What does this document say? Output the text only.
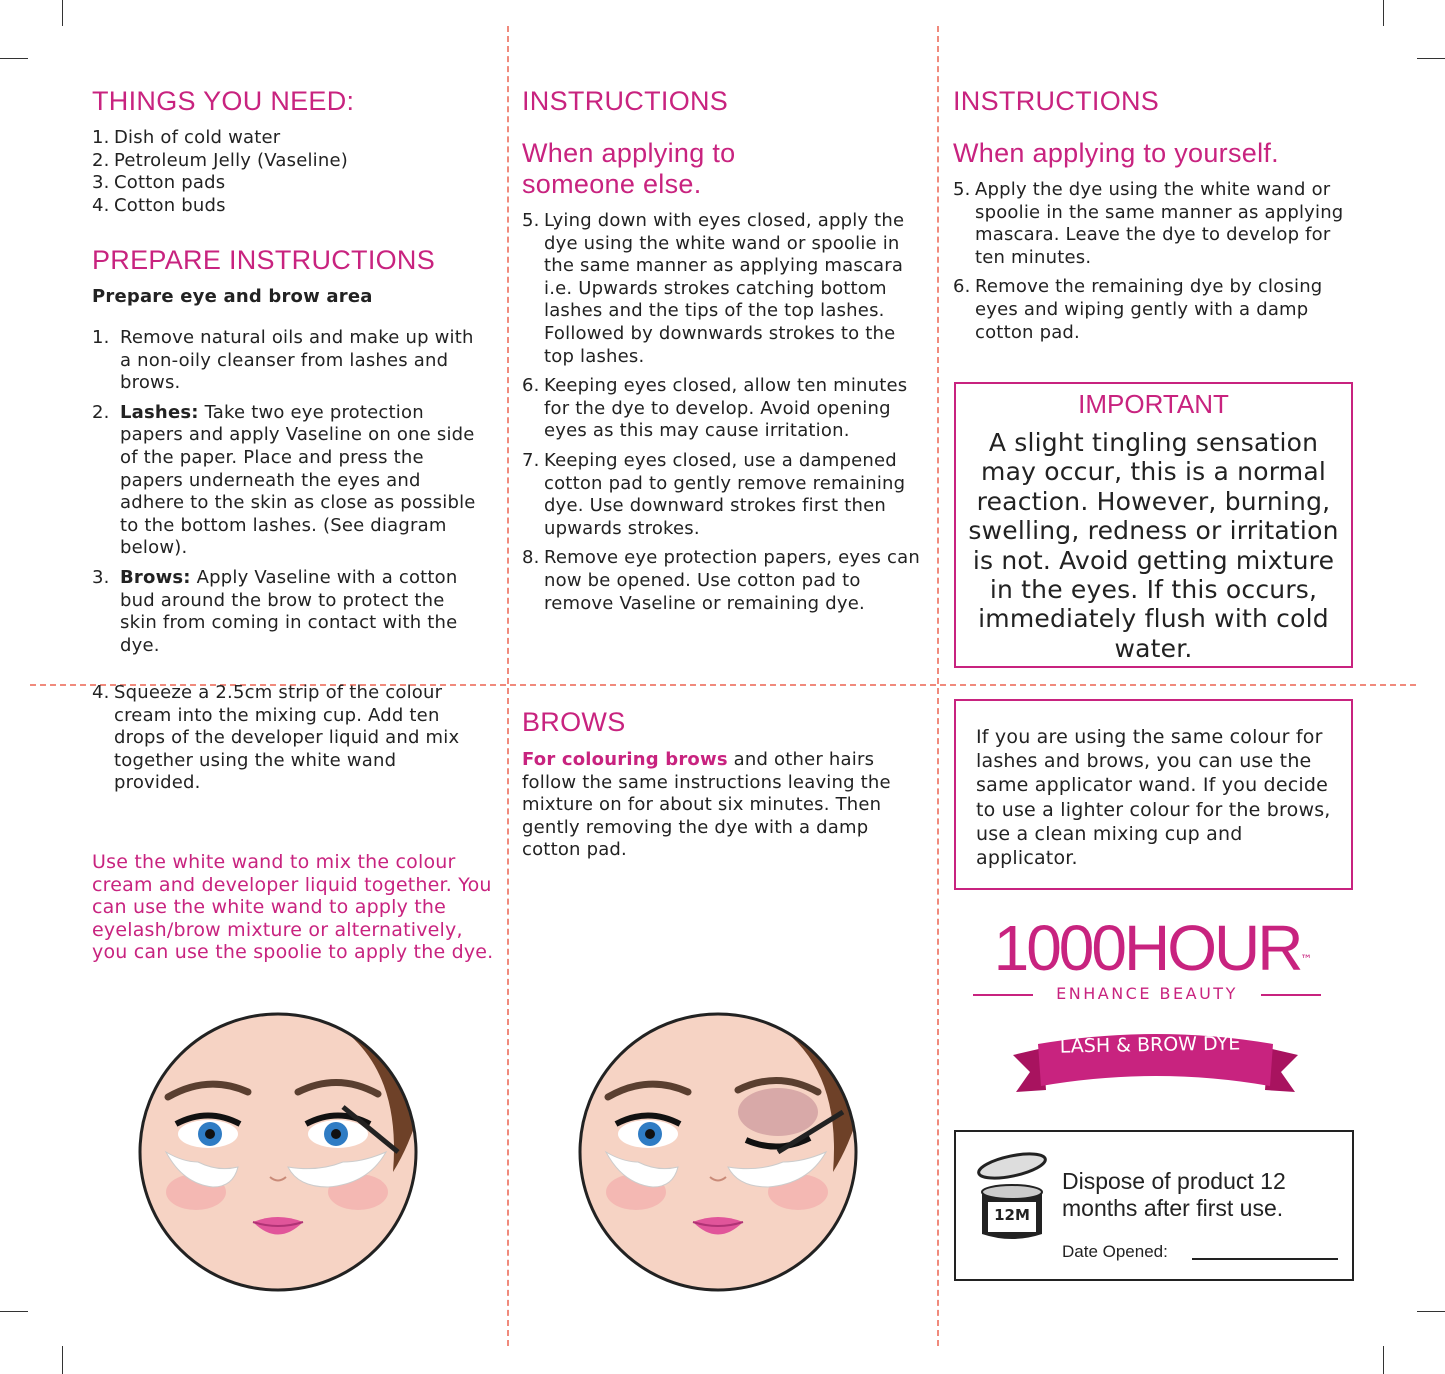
THINGS YOU NEED:
1. Dish of cold water
2. Petroleum Jelly (Vaseline)
3. Cotton pads
4. Cotton buds
PREPARE INSTRUCTIONS
Prepare eye and brow area
1. Remove natural oils and make up with a non-oily cleanser from lashes and brows.
2. Lashes: Take two eye protection papers and apply Vaseline on one side of the paper. Place and press the papers underneath the eyes and adhere to the skin as close as possible to the bottom lashes. (See diagram below).
3. Brows: Apply Vaseline with a cotton bud around the brow to protect the skin from coming in contact with the dye.
4. Squeeze a 2.5cm strip of the colour cream into the mixing cup. Add ten drops of the developer liquid and mix together using the white wand provided.
Use the white wand to mix the colour cream and developer liquid together. You can use the white wand to apply the eyelash/brow mixture or alternatively, you can use the spoolie to apply the dye.
INSTRUCTIONS
When applying to someone else.
5. Lying down with eyes closed, apply the dye using the white wand or spoolie in the same manner as applying mascara i.e. Upwards strokes catching bottom lashes and the tips of the top lashes. Followed by downwards strokes to the top lashes.
6. Keeping eyes closed, allow ten minutes for the dye to develop. Avoid opening eyes as this may cause irritation.
7. Keeping eyes closed, use a dampened cotton pad to gently remove remaining dye. Use downward strokes first then upwards strokes.
8. Remove eye protection papers, eyes can now be opened. Use cotton pad to remove Vaseline or remaining dye.
BROWS
For colouring brows and other hairs follow the same instructions leaving the mixture on for about six minutes. Then gently removing the dye with a damp cotton pad.
INSTRUCTIONS
When applying to yourself.
5. Apply the dye using the white wand or spoolie in the same manner as applying mascara. Leave the dye to develop for ten minutes.
6. Remove the remaining dye by closing eyes and wiping gently with a damp cotton pad.
IMPORTANT
A slight tingling sensation may occur, this is a normal reaction. However, burning, swelling, redness or irritation is not. Avoid getting mixture in the eyes. If this occurs, immediately flush with cold water.
If you are using the same colour for lashes and brows, you can use the same applicator wand. If you decide to use a lighter colour for the brows, use a clean mixing cup and applicator.
1000HOUR™
ENHANCE BEAUTY
LASH & BROW DYE
12M
Dispose of product 12 months after first use.
Date Opened:
